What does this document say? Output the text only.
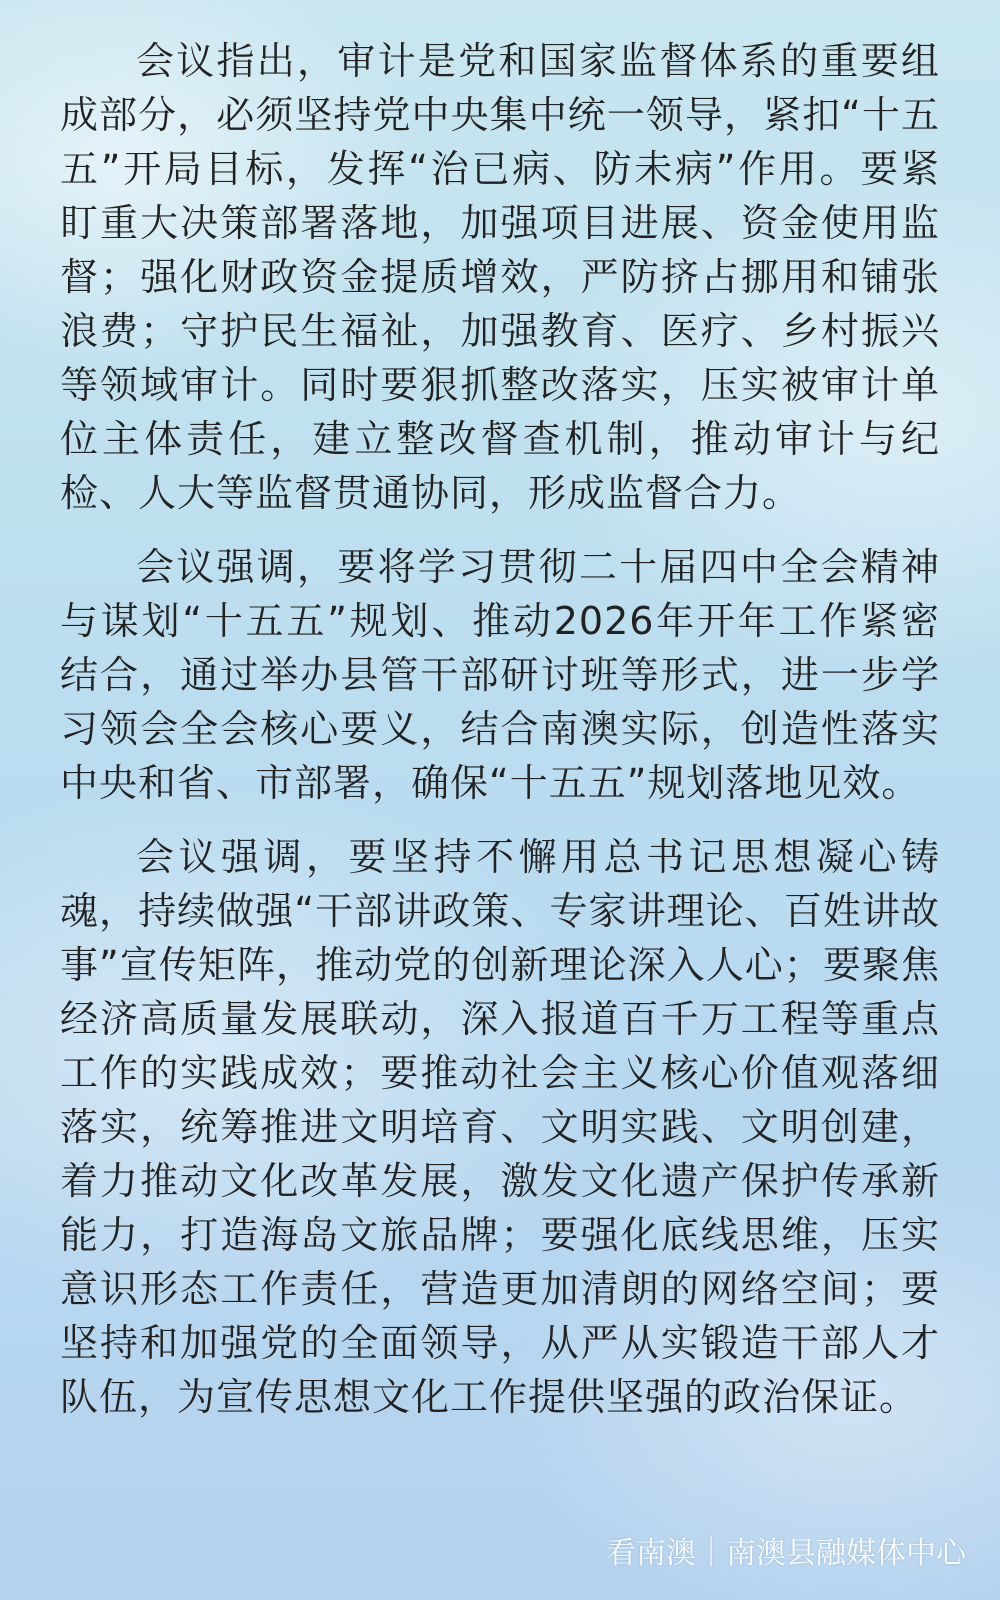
会议指出，审计是党和国家监督体系的重要组成部分，必须坚持党中央集中统一领导，紧扣“十五五”开局目标，发挥“治已病、防未病”作用。要紧盯重大决策部署落地，加强项目进展、资金使用监督；强化财政资金提质增效，严防挤占挪用和铺张浪费；守护民生福祉，加强教育、医疗、乡村振兴等领域审计。同时要狠抓整改落实，压实被审计单位主体责任，建立整改督查机制，推动审计与纪检、人大等监督贯通协同，形成监督合力。

会议强调，要将学习贯彻二十届四中全会精神与谋划“十五五”规划、推动2026年开年工作紧密结合，通过举办县管干部研讨班等形式，进一步学习领会全会核心要义，结合南澳实际，创造性落实中央和省、市部署，确保“十五五”规划落地见效。

会议强调，要坚持不懈用总书记思想凝心铸魂，持续做强“干部讲政策、专家讲理论、百姓讲故事”宣传矩阵，推动党的创新理论深入人心；要聚焦经济高质量发展联动，深入报道百千万工程等重点工作的实践成效；要推动社会主义核心价值观落细落实，统筹推进文明培育、文明实践、文明创建，着力推动文化改革发展，激发文化遗产保护传承新能力，打造海岛文旅品牌；要强化底线思维，压实意识形态工作责任，营造更加清朗的网络空间；要坚持和加强党的全面领导，从严从实锻造干部人才队伍，为宣传思想文化工作提供坚强的政治保证。

看南澳｜南澳县融媒体中心
